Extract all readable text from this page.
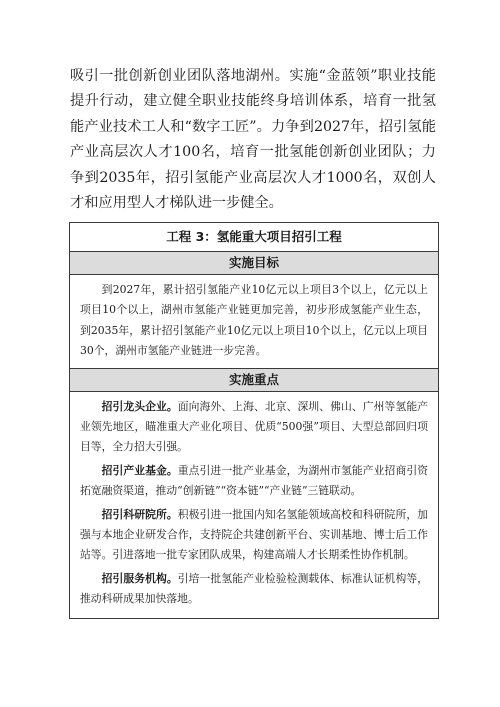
吸引一批创新创业团队落地湖州。实施“金蓝领”职业技能提升行动，建立健全职业技能终身培训体系，培育一批氢能产业技术工人和“数字工匠”。力争到2027年，招引氢能产业高层次人才100名，培育一批氢能创新创业团队；力争到2035年，招引氢能产业高层次人才1000名，双创人才和应用型人才梯队进一步健全。

工程 3：氢能重大项目招引工程
实施目标

到2027年，累计招引氢能产业10亿元以上项目3个以上，亿元以上项目10个以上，湖州市氢能产业链更加完善，初步形成氢能产业生态，到2035年，累计招引氢能产业10亿元以上项目10个以上，亿元以上项目30个，湖州市氢能产业链进一步完善。

实施重点

招引龙头企业。面向海外、上海、北京、深圳、佛山、广州等氢能产业领先地区，瞄准重大产业化项目、优质“500强”项目、大型总部回归项目等，全力招大引强。

招引产业基金。重点引进一批产业基金，为湖州市氢能产业招商引资拓宽融资渠道，推动“创新链”“资本链”“产业链”三链联动。

招引科研院所。积极引进一批国内知名氢能领域高校和科研院所，加强与本地企业研发合作，支持院企共建创新平台、实训基地、博士后工作站等。引进落地一批专家团队成果，构建高端人才长期柔性协作机制。

招引服务机构。引培一批氢能产业检验检测载体、标准认证机构等，推动科研成果加快落地。
